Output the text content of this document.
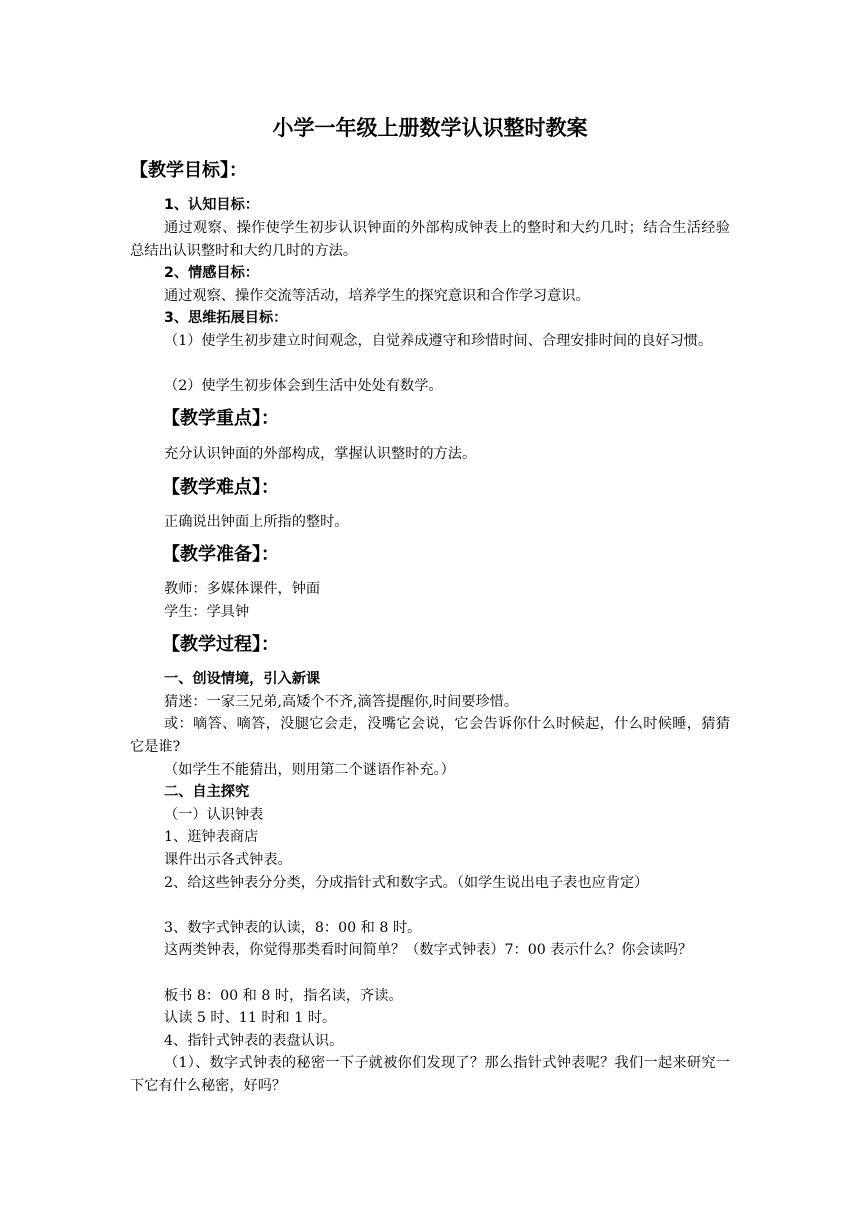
小学一年级上册数学认识整时教案
【教学目标】：
1、认知目标：
通过观察、操作使学生初步认识钟面的外部构成钟表上的整时和大约几时；结合生活经验总结出认识整时和大约几时的方法。
2、情感目标：
通过观察、操作交流等活动，培养学生的探究意识和合作学习意识。
3、思维拓展目标：
（1）使学生初步建立时间观念，自觉养成遵守和珍惜时间、合理安排时间的良好习惯。
（2）使学生初步体会到生活中处处有数学。
【教学重点】：
充分认识钟面的外部构成，掌握认识整时的方法。
【教学难点】：
正确说出钟面上所指的整时。
【教学准备】：
教师：多媒体课件，钟面
学生：学具钟
【教学过程】：
一、创设情境，引入新课
猜迷：一家三兄弟,高矮个不齐,滴答提醒你,时间要珍惜。
或：嘀答、嘀答，没腿它会走，没嘴它会说，它会告诉你什么时候起，什么时候睡，猜猜它是谁?
（如学生不能猜出，则用第二个谜语作补充。）
二、自主探究
（一）认识钟表
1、逛钟表商店
课件出示各式钟表。
2、给这些钟表分分类，分成指针式和数字式。（如学生说出电子表也应肯定）
3、数字式钟表的认读，8：00 和 8 时。
这两类钟表，你觉得那类看时间简单？（数字式钟表）7：00 表示什么？你会读吗？
板书 8：00 和 8 时，指名读，齐读。
认读 5 时、11 时和 1 时。
4、指针式钟表的表盘认识。
（1）、数字式钟表的秘密一下子就被你们发现了？那么指针式钟表呢？我们一起来研究一下它有什么秘密，好吗？
